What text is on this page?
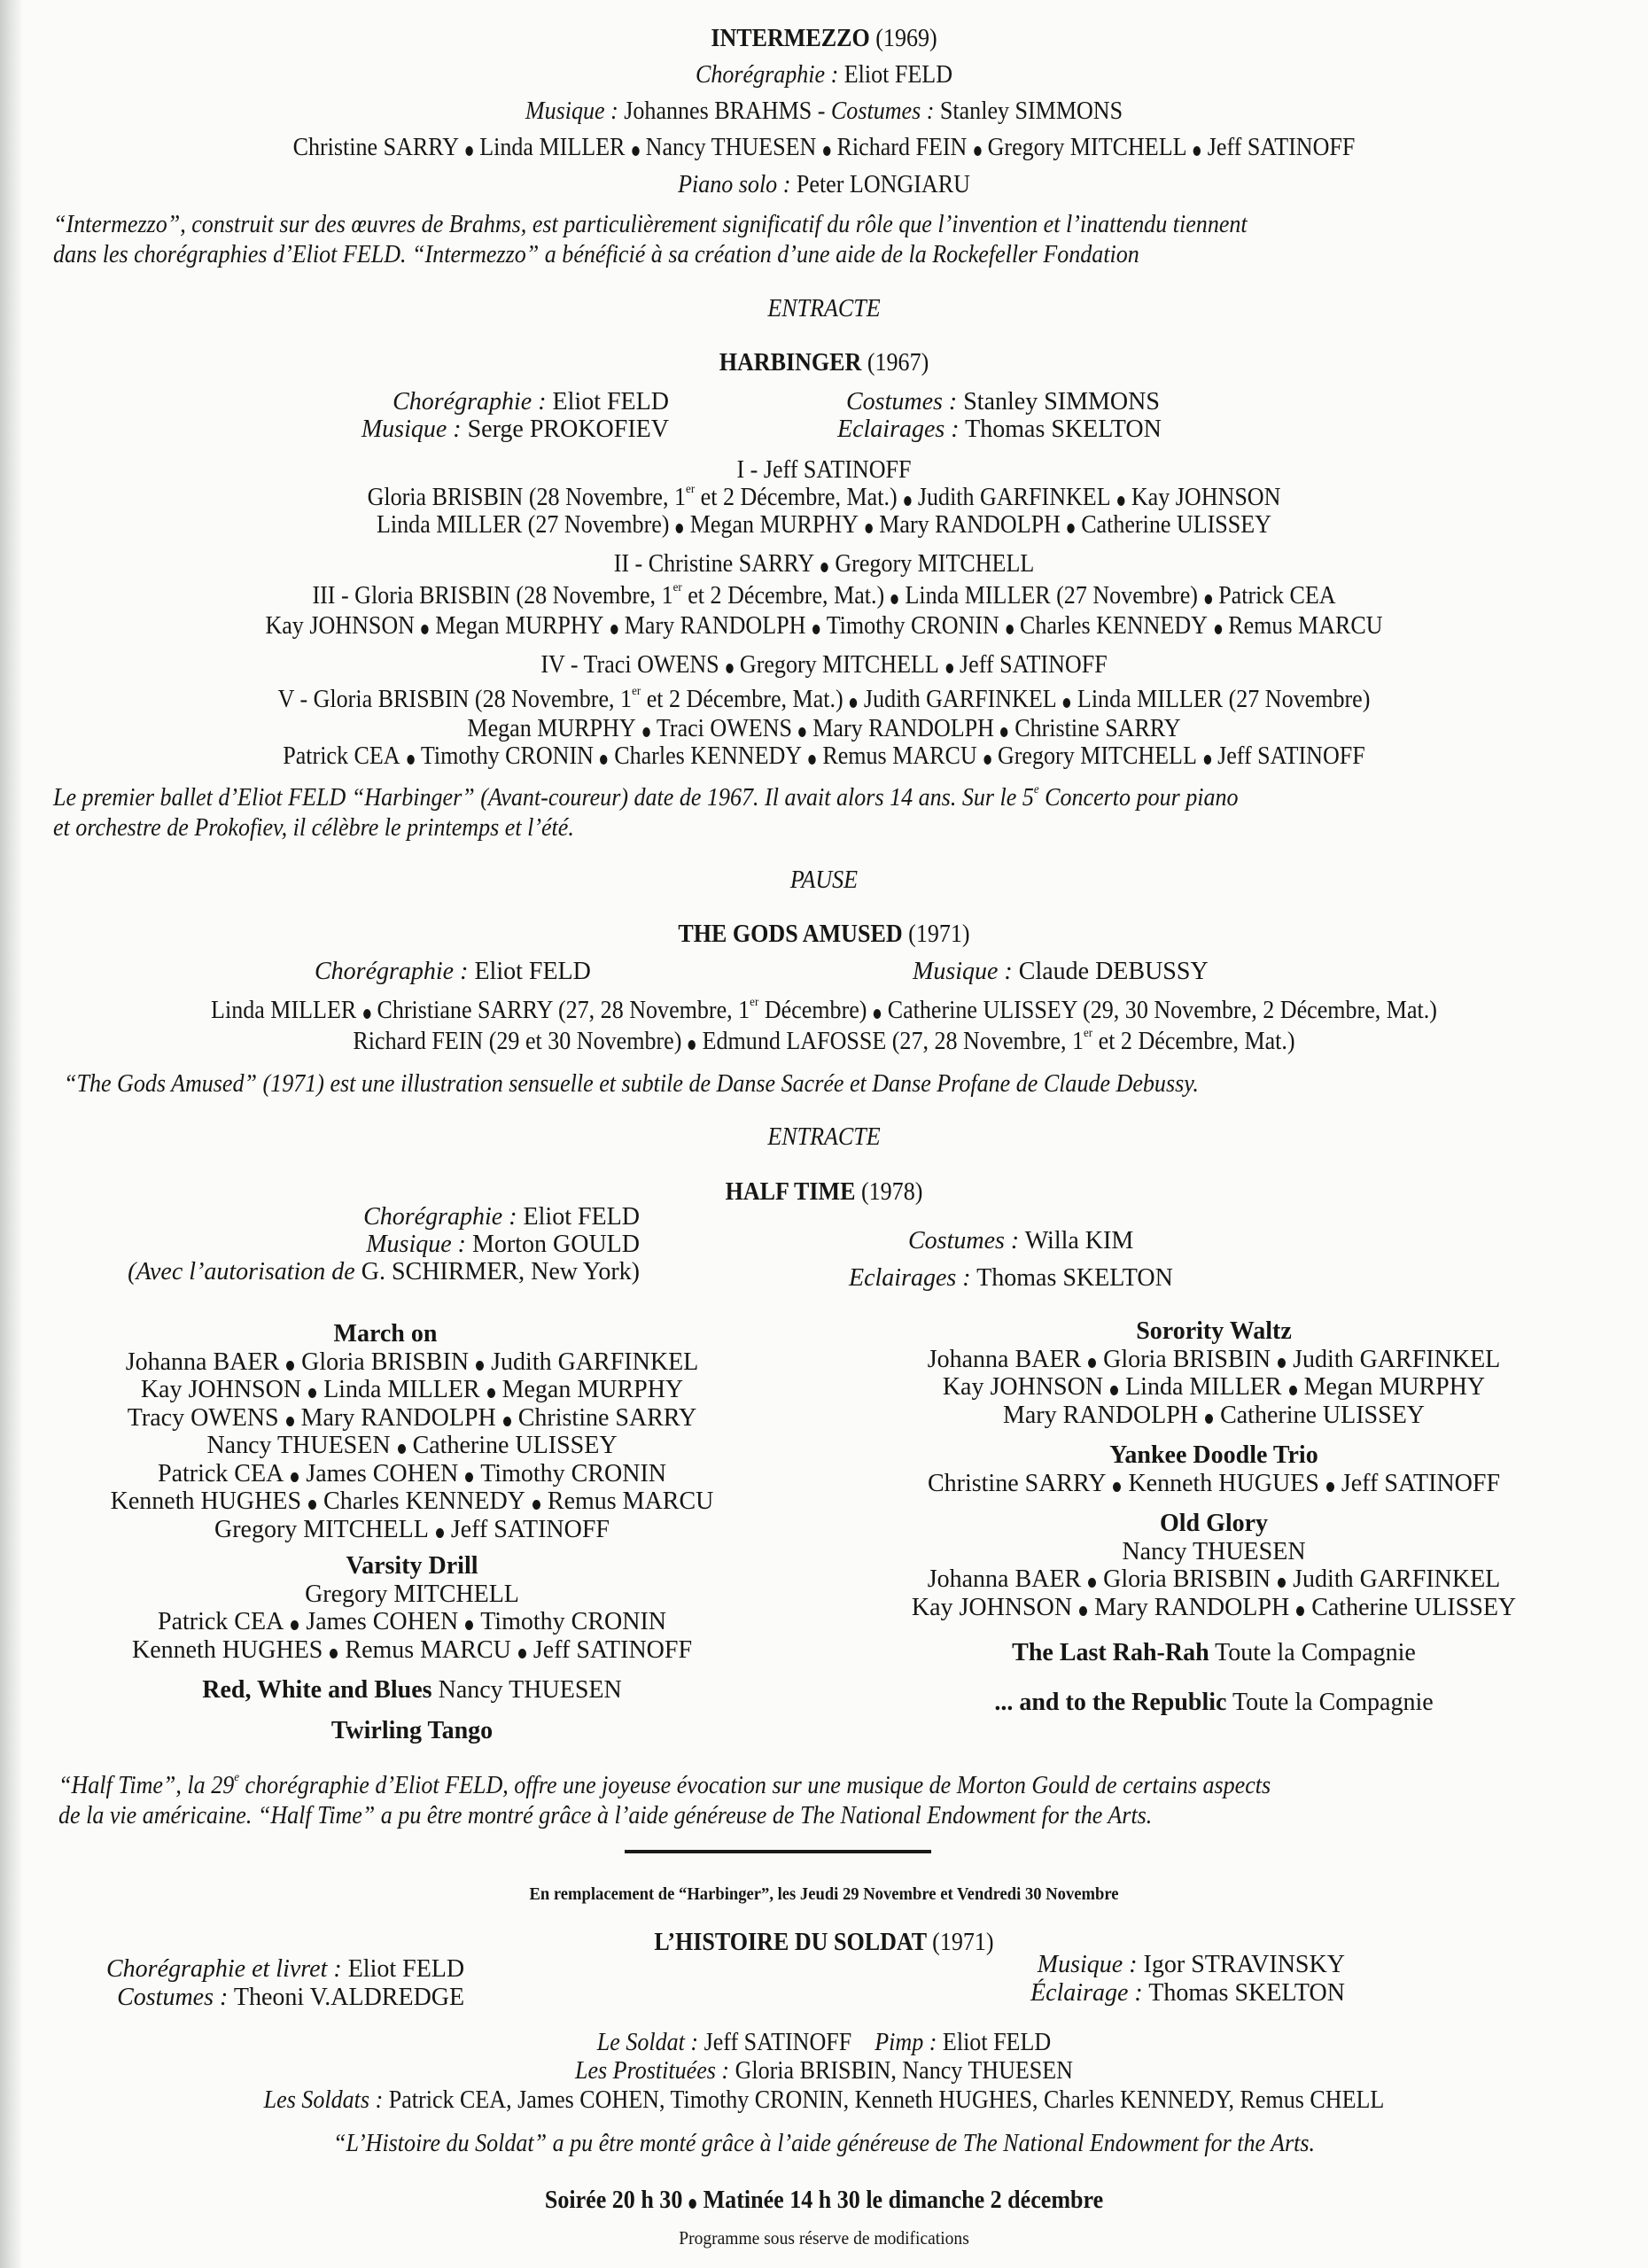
INTERMEZZO (1969)
Chorégraphie : Eliot FELD
Musique : Johannes BRAHMS - Costumes : Stanley SIMMONS
Christine SARRY Linda MILLER Nancy THUESEN Richard FEIN Gregory MITCHELL Jeff SATINOFF
Piano solo : Peter LONGIARU
“Intermezzo”, construit sur des œuvres de Brahms, est particulièrement significatif du rôle que l’invention et l’inattendu tiennent
dans les chorégraphies d’Eliot FELD. “Intermezzo” a bénéficié à sa création d’une aide de la Rockefeller Fondation
ENTRACTE
HARBINGER (1967)
Chorégraphie : Eliot FELD
Musique : Serge PROKOFIEV
Costumes : Stanley SIMMONS
Eclairages : Thomas SKELTON
I - Jeff SATINOFF
Gloria BRISBIN (28 Novembre, 1er et 2 Décembre, Mat.) Judith GARFINKEL Kay JOHNSON
Linda MILLER (27 Novembre) Megan MURPHY Mary RANDOLPH Catherine ULISSEY
II - Christine SARRY Gregory MITCHELL
III - Gloria BRISBIN (28 Novembre, 1er et 2 Décembre, Mat.) Linda MILLER (27 Novembre) Patrick CEA
Kay JOHNSON Megan MURPHY Mary RANDOLPH Timothy CRONIN Charles KENNEDY Remus MARCU
IV - Traci OWENS Gregory MITCHELL Jeff SATINOFF
V - Gloria BRISBIN (28 Novembre, 1er et 2 Décembre, Mat.) Judith GARFINKEL Linda MILLER (27 Novembre)
Megan MURPHY Traci OWENS Mary RANDOLPH Christine SARRY
Patrick CEA Timothy CRONIN Charles KENNEDY Remus MARCU Gregory MITCHELL Jeff SATINOFF
Le premier ballet d’Eliot FELD “Harbinger” (Avant-coureur) date de 1967. Il avait alors 14 ans. Sur le 5e Concerto pour piano
et orchestre de Prokofiev, il célèbre le printemps et l’été.
PAUSE
THE GODS AMUSED (1971)
Chorégraphie : Eliot FELD	Musique : Claude DEBUSSY
Linda MILLER Christiane SARRY (27, 28 Novembre, 1er Décembre) Catherine ULISSEY (29, 30 Novembre, 2 Décembre, Mat.)
Richard FEIN (29 et 30 Novembre) Edmund LAFOSSE (27, 28 Novembre, 1er et 2 Décembre, Mat.)
“The Gods Amused” (1971) est une illustration sensuelle et subtile de Danse Sacrée et Danse Profane de Claude Debussy.
ENTRACTE
HALF TIME (1978)
Chorégraphie : Eliot FELD
Musique : Morton GOULD
(Avec l’autorisation de G. SCHIRMER, New York)
Costumes : Willa KIM
Eclairages : Thomas SKELTON
March on
Johanna BAER Gloria BRISBIN Judith GARFINKEL
Kay JOHNSON Linda MILLER Megan MURPHY
Tracy OWENS Mary RANDOLPH Christine SARRY
Nancy THUESEN Catherine ULISSEY
Patrick CEA James COHEN Timothy CRONIN
Kenneth HUGHES Charles KENNEDY Remus MARCU
Gregory MITCHELL Jeff SATINOFF
Varsity Drill
Gregory MITCHELL
Patrick CEA James COHEN Timothy CRONIN
Kenneth HUGHES Remus MARCU Jeff SATINOFF
Red, White and Blues Nancy THUESEN
Twirling Tango
Sorority Waltz
Johanna BAER Gloria BRISBIN Judith GARFINKEL
Kay JOHNSON Linda MILLER Megan MURPHY
Mary RANDOLPH Catherine ULISSEY
Yankee Doodle Trio
Christine SARRY Kenneth HUGUES Jeff SATINOFF
Old Glory
Nancy THUESEN
Johanna BAER Gloria BRISBIN Judith GARFINKEL
Kay JOHNSON Mary RANDOLPH Catherine ULISSEY
The Last Rah-Rah Toute la Compagnie
... and to the Republic Toute la Compagnie
“Half Time”, la 29e chorégraphie d’Eliot FELD, offre une joyeuse évocation sur une musique de Morton Gould de certains aspects
de la vie américaine. “Half Time” a pu être montré grâce à l’aide généreuse de The National Endowment for the Arts.
En remplacement de “Harbinger”, les Jeudi 29 Novembre et Vendredi 30 Novembre
L’HISTOIRE DU SOLDAT (1971)
Chorégraphie et livret : Eliot FELD
Costumes : Theoni V.ALDREDGE
Musique : Igor STRAVINSKY
Éclairage : Thomas SKELTON
Le Soldat : Jeff SATINOFF Pimp : Eliot FELD
Les Prostituées : Gloria BRISBIN, Nancy THUESEN
Les Soldats : Patrick CEA, James COHEN, Timothy CRONIN, Kenneth HUGHES, Charles KENNEDY, Remus CHELL
“L’Histoire du Soldat” a pu être monté grâce à l’aide généreuse de The National Endowment for the Arts.
Soirée 20 h 30 Matinée 14 h 30 le dimanche 2 décembre
Programme sous réserve de modifications
